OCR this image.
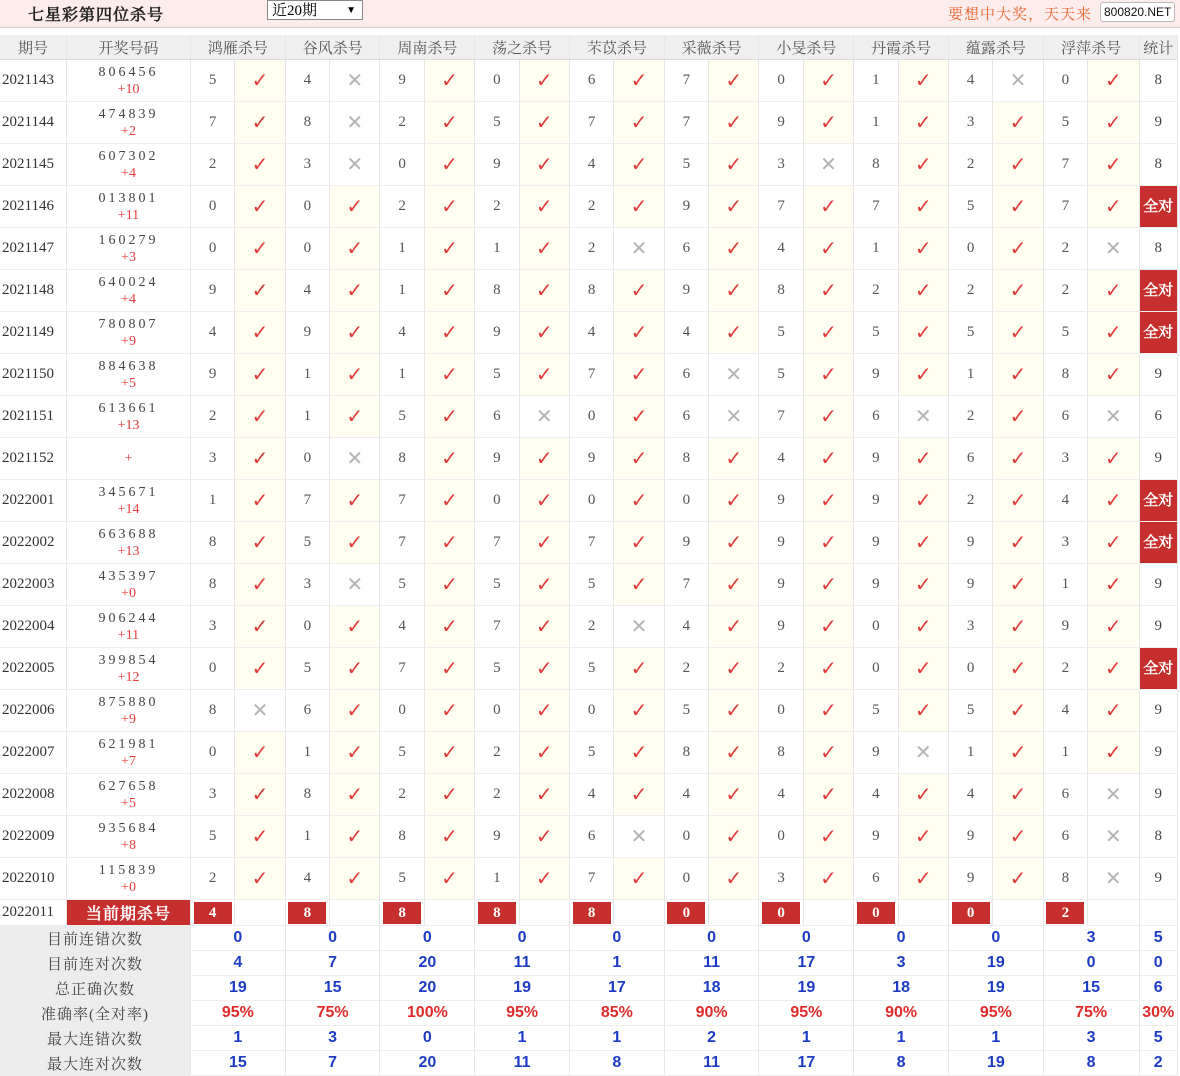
七星彩第四位杀号	近20期	▼	要想中大奖，天天来 800820.NET
期号	开奖号码	鸿雁杀号		谷风杀号		周南杀号		荡之杀号		芣苡杀号		采薇杀号		小旻杀号		丹霞杀号		蕴露杀号		浮萍杀号		统计
2021143	806456
+10	5	✓	4	✕	9	✓	0	✓	6	✓	7	✓	0	✓	1	✓	4	✕	0	✓	8
2021144	474839
+2	7	✓	8	✕	2	✓	5	✓	7	✓	7	✓	9	✓	1	✓	3	✓	5	✓	9
2021145	607302
+4	2	✓	3	✕	0	✓	9	✓	4	✓	5	✓	3	✕	8	✓	2	✓	7	✓	8
2021146	013801
+11	0	✓	0	✓	2	✓	2	✓	2	✓	9	✓	7	✓	7	✓	5	✓	7	✓	全对
2021147	160279
+3	0	✓	0	✓	1	✓	1	✓	2	✕	6	✓	4	✓	1	✓	0	✓	2	✕	8
2021148	640024
+4	9	✓	4	✓	1	✓	8	✓	8	✓	9	✓	8	✓	2	✓	2	✓	2	✓	全对
2021149	780807
+9	4	✓	9	✓	4	✓	9	✓	4	✓	4	✓	5	✓	5	✓	5	✓	5	✓	全对
2021150	884638
+5	9	✓	1	✓	1	✓	5	✓	7	✓	6	✕	5	✓	9	✓	1	✓	8	✓	9
2021151	613661
+13	2	✓	1	✓	5	✓	6	✕	0	✓	6	✕	7	✓	6	✕	2	✓	6	✕	6
2021152	+	3	✓	0	✕	8	✓	9	✓	9	✓	8	✓	4	✓	9	✓	6	✓	3	✓	9
2022001	345671
+14	1	✓	7	✓	7	✓	0	✓	0	✓	0	✓	9	✓	9	✓	2	✓	4	✓	全对
2022002	663688
+13	8	✓	5	✓	7	✓	7	✓	7	✓	9	✓	9	✓	9	✓	9	✓	3	✓	全对
2022003	435397
+0	8	✓	3	✕	5	✓	5	✓	5	✓	7	✓	9	✓	9	✓	9	✓	1	✓	9
2022004	906244
+11	3	✓	0	✓	4	✓	7	✓	2	✕	4	✓	9	✓	0	✓	3	✓	9	✓	9
2022005	399854
+12	0	✓	5	✓	7	✓	5	✓	5	✓	2	✓	2	✓	0	✓	0	✓	2	✓	全对
2022006	875880
+9	8	✕	6	✓	0	✓	0	✓	0	✓	5	✓	0	✓	5	✓	5	✓	4	✓	9
2022007	621981
+7	0	✓	1	✓	5	✓	2	✓	5	✓	8	✓	8	✓	9	✕	1	✓	1	✓	9
2022008	627658
+5	3	✓	8	✓	2	✓	2	✓	4	✓	4	✓	4	✓	4	✓	4	✓	6	✕	9
2022009	935684
+8	5	✓	1	✓	8	✓	9	✓	6	✕	0	✓	0	✓	9	✓	9	✓	6	✕	8
2022010	115839
+0	2	✓	4	✓	5	✓	1	✓	7	✓	0	✓	3	✓	6	✓	9	✓	8	✕	9
2022011	当前期杀号	4		8		8		8		8		0		0		0		0		2		
目前连错次数		0		0		0		0		0		0		0		0		0		3		5
目前连对次数		4		7		20		11		1		11		17		3		19		0		0
总正确次数		19		15		20		19		17		18		19		18		19		15		6
准确率(全对率)		95%		75%		100%		95%		85%		90%		95%		90%		95%		75%		30%
最大连错次数		1		3		0		1		1		2		1		1		1		3		5
最大连对次数		15		7		20		11		8		11		17		8		19		8		2
